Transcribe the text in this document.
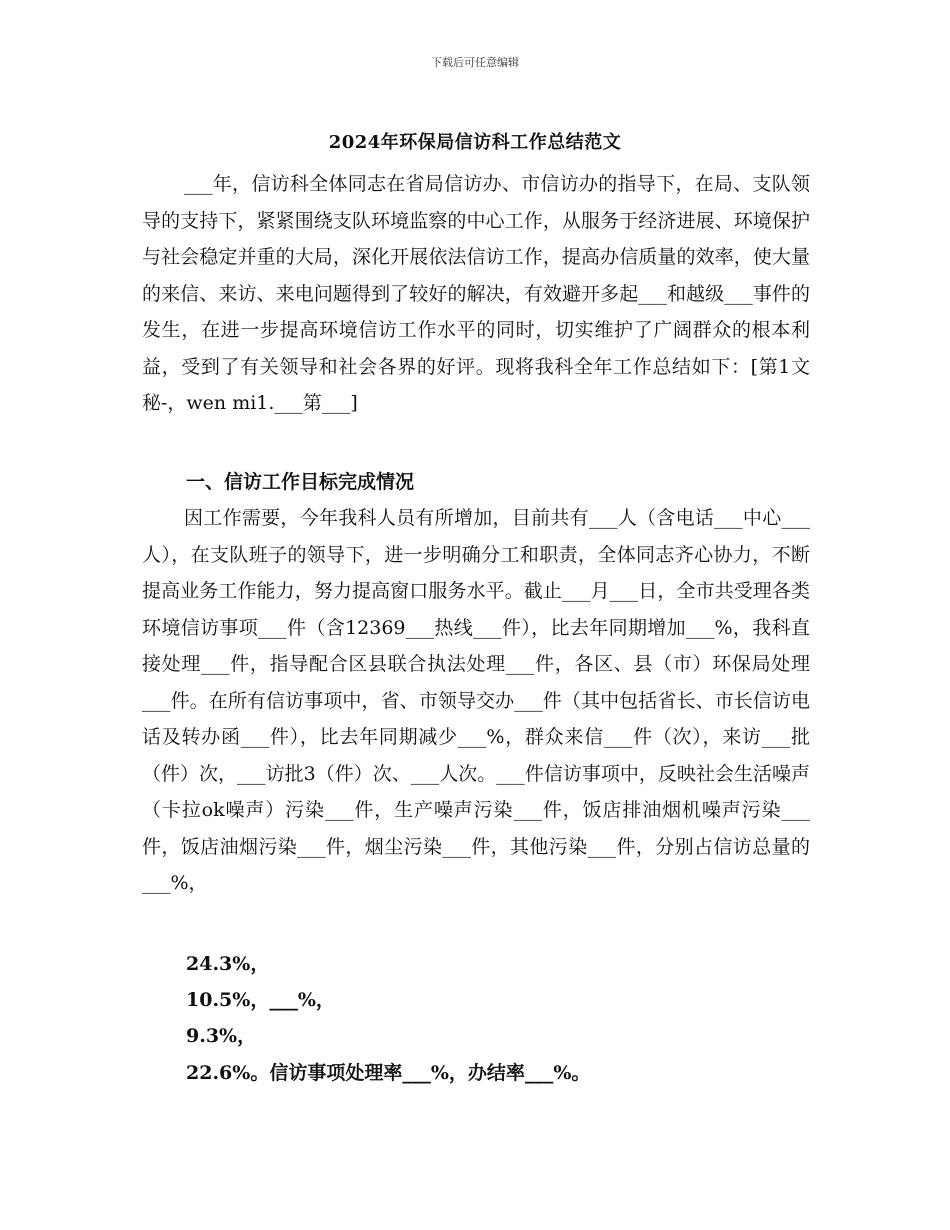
下载后可任意编辑
2024年环保局信访科工作总结范文
___年，信访科全体同志在省局信访办、市信访办的指导下，在局、支队领导的支持下，紧紧围绕支队环境监察的中心工作，从服务于经济进展、环境保护与社会稳定并重的大局，深化开展依法信访工作，提高办信质量的效率，使大量的来信、来访、来电问题得到了较好的解决，有效避开多起___和越级___事件的发生，在进一步提高环境信访工作水平的同时，切实维护了广阔群众的根本利益，受到了有关领导和社会各界的好评。现将我科全年工作总结如下：[第1文秘-，wen mi1.___第___]
一、信访工作目标完成情况
因工作需要，今年我科人员有所增加，目前共有___人（含电话___中心___人），在支队班子的领导下，进一步明确分工和职责，全体同志齐心协力，不断提高业务工作能力，努力提高窗口服务水平。截止___月___日，全市共受理各类环境信访事项___件（含12369___热线___件），比去年同期增加___%，我科直接处理___件，指导配合区县联合执法处理___件，各区、县（市）环保局处理___件。在所有信访事项中，省、市领导交办___件（其中包括省长、市长信访电话及转办函___件），比去年同期减少___%，群众来信___件（次），来访___批（件）次，___访批3（件）次、___人次。___件信访事项中，反映社会生活噪声（卡拉ok噪声）污染___件，生产噪声污染___件，饭店排油烟机噪声污染___件，饭店油烟污染___件，烟尘污染___件，其他污染___件，分别占信访总量的___%，
24.3%，
10.5%，___%，
9.3%，
22.6%。信访事项处理率___%，办结率___%。
